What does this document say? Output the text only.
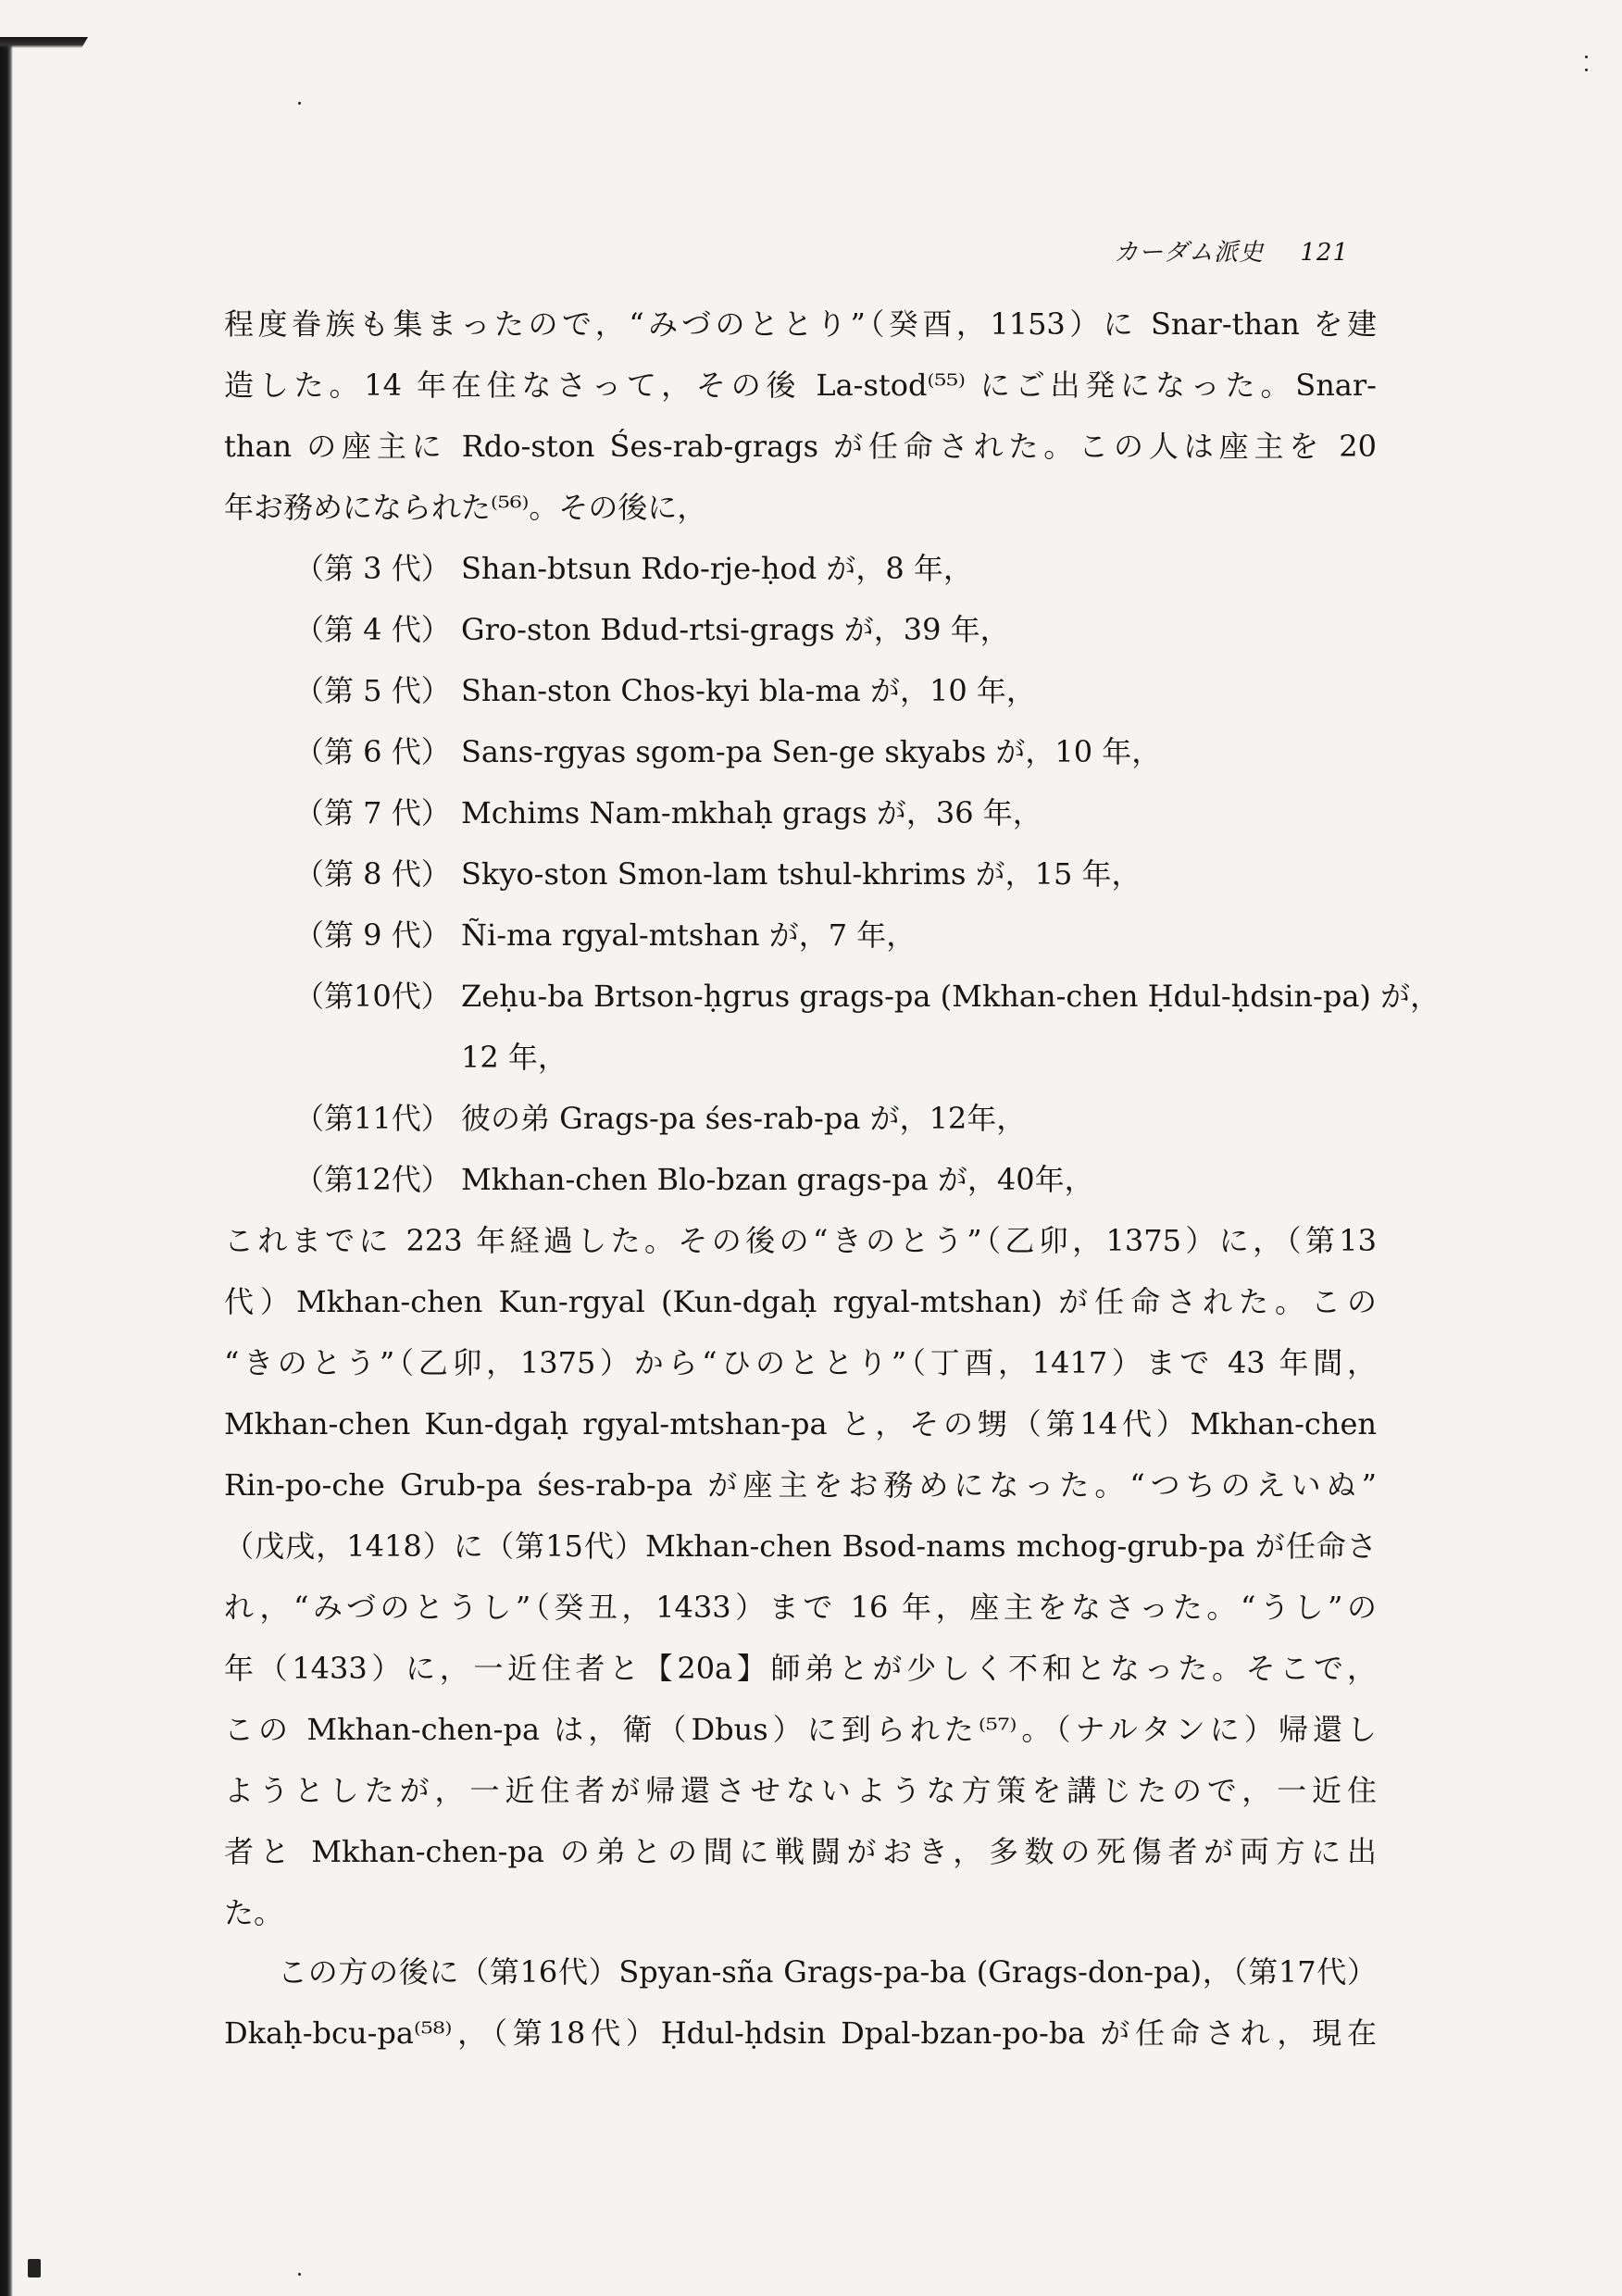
カーダム派史 121
程度眷族も集まったので，“みづのととり”（癸酉，1153）に Snar-than を建
造した。14 年在住なさって，その後 La-stod⁽⁵⁵⁾ にご出発になった。Snar-
than の座主に Rdo-ston Śes-rab-grags が任命された。この人は座主を 20
年お務めになられた⁽⁵⁶⁾。その後に，
（第 3 代） Shan-btsun Rdo-rje-ḥod が，8 年，
（第 4 代） Gro-ston Bdud-rtsi-grags が，39 年，
（第 5 代） Shan-ston Chos-kyi bla-ma が，10 年，
（第 6 代） Sans-rgyas sgom-pa Sen-ge skyabs が，10 年，
（第 7 代） Mchims Nam-mkhaḥ grags が，36 年，
（第 8 代） Skyo-ston Smon-lam tshul-khrims が，15 年，
（第 9 代） Ñi-ma rgyal-mtshan が，7 年，
（第10代） Zeḥu-ba Brtson-ḥgrus grags-pa (Mkhan-chen Ḥdul-ḥdsin-pa) が，
12 年，
（第11代） 彼の弟 Grags-pa śes-rab-pa が，12年，
（第12代） Mkhan-chen Blo-bzan grags-pa が，40年，
これまでに 223 年経過した。その後の“きのとう”（乙卯，1375）に，（第13
代）Mkhan-chen Kun-rgyal (Kun-dgaḥ rgyal-mtshan) が任命された。この
“きのとう”（乙卯，1375）から“ひのととり”（丁酉，1417）まで 43 年間，
Mkhan-chen Kun-dgaḥ rgyal-mtshan-pa と，その甥（第14代）Mkhan-chen
Rin-po-che Grub-pa śes-rab-pa が座主をお務めになった。“つちのえいぬ”
（戊戌，1418）に（第15代）Mkhan-chen Bsod-nams mchog-grub-pa が任命さ
れ，“みづのとうし”（癸丑，1433）まで 16 年，座主をなさった。“うし”の
年（1433）に，一近住者と【20a】師弟とが少しく不和となった。そこで，
この Mkhan-chen-pa は，衛（Dbus）に到られた⁽⁵⁷⁾。（ナルタンに）帰還し
ようとしたが，一近住者が帰還させないような方策を講じたので，一近住
者と Mkhan-chen-pa の弟との間に戦闘がおき，多数の死傷者が両方に出
た。
この方の後に（第16代）Spyan-sña Grags-pa-ba (Grags-don-pa)，（第17代）
Dkaḥ-bcu-pa⁽⁵⁸⁾，（第18代）Ḥdul-ḥdsin Dpal-bzan-po-ba が任命され，現在
